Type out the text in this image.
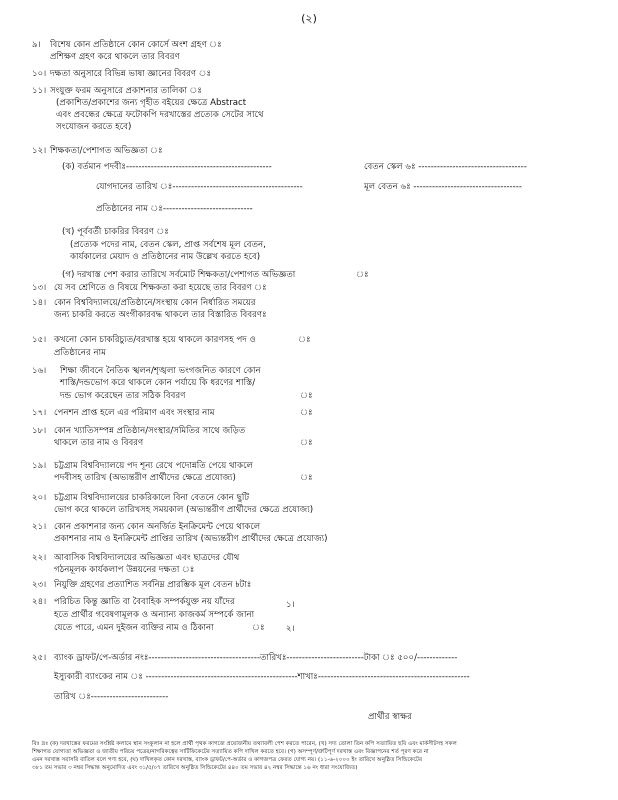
(২)
৯। বিশেষ কোন প্রতিষ্ঠানে কোন কোর্সে অংশ গ্রহণ ঃ
প্রশিক্ষণ গ্রহণ করে থাকলে তার বিবরণ
১০। দক্ষতা অনুসারে বিভিন্ন ভাষা জ্ঞানের বিবরণ ঃ
১১। সংযুক্ত ফরম অনুসারে প্রকাশনার তালিকা ঃ
(প্রকাশিত/প্রকাশের জন্য গৃহীত বইয়ের ক্ষেত্রে Abstract
এবং প্রবন্ধের ক্ষেত্রে ফটোকপি দরখাস্তের প্রত্যেক সেটের সাথে
সংযোজন করতে হবে)
১২। শিক্ষকতা/পেশাগত অভিজ্ঞতা ঃ
(ক) বর্তমান পদবীঃ-----------------------------------------------	বেতন স্কেল ৬ঃ -----------------------------------
যোগদানের তারিখ ঃ------------------------------------------	মূল বেতন ৬ঃ -----------------------------------
প্রতিষ্ঠানের নাম ঃ-----------------------------
(খ) পূর্ববর্তী চাকরির বিবরণ ঃ
(প্রত্যেক পদের নাম, বেতন স্কেল, প্রাপ্ত সর্বশেষ মূল বেতন,
কার্যকালের মেয়াদ ও প্রতিষ্ঠানের নাম উল্লেখ করতে হবে)
(গ) দরখাস্ত পেশ করার তারিখে সর্বমোট শিক্ষকতা/পেশাগত অভিজ্ঞতা	ঃ
১৩। যে সব শ্রেণিতে ও বিষয়ে শিক্ষকতা করা হয়েছে তার বিবরণ ঃ
১৪। কোন বিশ্ববিদ্যালয়ে/প্রতিষ্ঠানে/সংস্থায় কোন নির্ধারিত সময়ের
জন্য চাকরি করতে অংগীকারবদ্ধ থাকলে তার বিস্তারিত বিবরণঃ
১৫। কখনো কোন চাকরিচ্যুত/বরখাস্ত হয়ে থাকলে কারণসহ পদ ও
প্রতিষ্ঠানের নাম
ঃ
১৬। শিক্ষা জীবনে নৈতিক স্খলন/শৃঙ্খলা ভংগজনিত কারণে কোন
শাস্তি/দন্ডভোগ করে থাকলে কোন পর্যায়ে কি ধরণের শাস্তি/
দন্ড ভোগ করেছেন তার সঠিক বিবরণ	ঃ
১৭। পেনশন প্রাপ্ত হলে এর পরিমাণ এবং সংস্থার নাম	ঃ
১৮। কোন খ্যাতিসম্পন্ন প্রতিষ্ঠান/সংস্থার/সমিতির সাথে জড়িত
থাকলে তার নাম ও বিবরণ	ঃ
১৯। চট্টগ্রাম বিশ্ববিদ্যালয়ে পদ শূন্য রেখে পদোন্নতি পেয়ে থাকলে
পদবীসহ তারিখ (অভ্যন্তরীণ প্রার্থীদের ক্ষেত্রে প্রযোজ্য)	ঃ
২০। চট্টগ্রাম বিশ্ববিদ্যালয়ের চাকরিকালে বিনা বেতনে কোন ছুটি
ভোগ করে থাকলে তারিখসহ সময়কাল (অভ্যন্তরীণ প্রার্থীদের ক্ষেত্রে প্রযোজ্য)
২১। কোন প্রকাশনার জন্য কোন অনর্জিত ইনক্রিমেন্ট পেয়ে থাকলে
প্রকাশনার নাম ও ইনক্রিমেন্ট প্রাপ্তির তারিখ (অভ্যন্তরীণ প্রার্থীদের ক্ষেত্রে প্রযোজ্য)
২২। আবাসিক বিশ্ববিদ্যালয়ের অভিজ্ঞতা এবং ছাত্রদের যৌথ
গঠনমূলক কার্যকলাপ উন্নয়নের দক্ষতা ঃ
২৩। নিযুক্তি গ্রহণের প্রত্যাশিত সর্বনিম্ন প্রারম্ভিক মূল বেতন ৳টাঃ
২৪। পরিচিত কিন্তু জ্ঞাতি বা বৈবাহিক সম্পর্কযুক্ত নয় যাঁদের
হতে প্রার্থীর গবেষণামূলক ও অন্যান্য কাজকর্ম সম্পর্কে জানা
যেতে পারে, এমন দুইজন ব্যক্তির নাম ও ঠিকানা	ঃ
১।
২।
২৫। ব্যাংক ড্রাফট/পে-অর্ডার নংঃ------------------------------------তারিখঃ-------------------------টাকা ঃ ৫০০/-------------
ইস্যুকারী ব্যাংকের নাম ঃ -------------------------------------------------শাখাঃ-------------------------------------------------
তারিখ ঃ-------------------------
প্রার্থীর স্বাক্ষর
বিঃ দ্রঃ (ক) দরখাস্তের ফরমের সংশ্লিষ্ট কলামে স্থান সংকুলান না হলে প্রার্থী পৃথক কাগজে প্রয়োজনীয় তথ্যাবলী পেশ করতে পারেন, (খ) সদ্য তোলা তিন কপি সত্যায়িত ছবি এবং মার্কসীটসহ সকল
শিক্ষাগত যোগ্যতা অভিজ্ঞতা ও জাতীয় পরিচয় পত্রের/নাগরিকত্বের সার্টিফিকেটের সত্যায়িত কপি দাখিল করতে হবে। (গ) অসম্পূর্ণ/ত্রুটিপূর্ণ দরখাস্ত এবং বিজ্ঞাপনের শর্ত পূরণ করে না
এমন দরখাস্ত সরাসরি বাতিল বলে গণ্য হবে, (ঘ) দাখিলকৃত কোন দরখাস্ত, ব্যাংক ড্রাফট/পে-অর্ডার ও কাগজপত্র ফেরত যোগ্য নয়। (১১-৬-২০০০ ইং তারিখে অনুষ্ঠিত সিন্ডিকেটের
৩৮১ তম সভার ৩ নম্বর সিদ্ধান্ত অনুমোদিত এবং ৩১/৫/০৭ তারিখে অনুষ্ঠিত সিন্ডিকেটের ৪৪০ তম সভার ৪২ নম্বর সিদ্ধান্তে ১৬ নং ধারা সংযোজিত)
